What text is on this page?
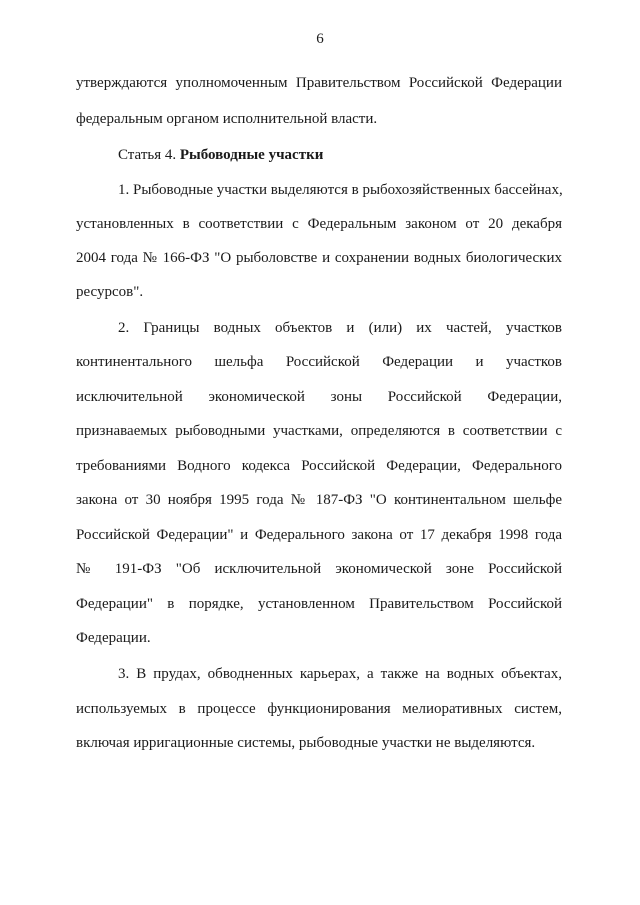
6
утверждаются уполномоченным Правительством Российской Федерации
федеральным органом исполнительной власти.
Статья 4. Рыбоводные участки
1. Рыбоводные участки выделяются в рыбохозяйственных бассейнах,
установленных в соответствии с Федеральным законом от 20 декабря
2004 года № 166-ФЗ "О рыболовстве и сохранении водных биологических
ресурсов".
2. Границы водных объектов и (или) их частей, участков
континентального шельфа Российской Федерации и участков
исключительной экономической зоны Российской Федерации,
признаваемых рыбоводными участками, определяются в соответствии с
требованиями Водного кодекса Российской Федерации, Федерального
закона от 30 ноября 1995 года № 187-ФЗ "О континентальном шельфе
Российской Федерации" и Федерального закона от 17 декабря 1998 года
№ 191-ФЗ "Об исключительной экономической зоне Российской
Федерации" в порядке, установленном Правительством Российской
Федерации.
3. В прудах, обводненных карьерах, а также на водных объектах,
используемых в процессе функционирования мелиоративных систем,
включая ирригационные системы, рыбоводные участки не выделяются.
